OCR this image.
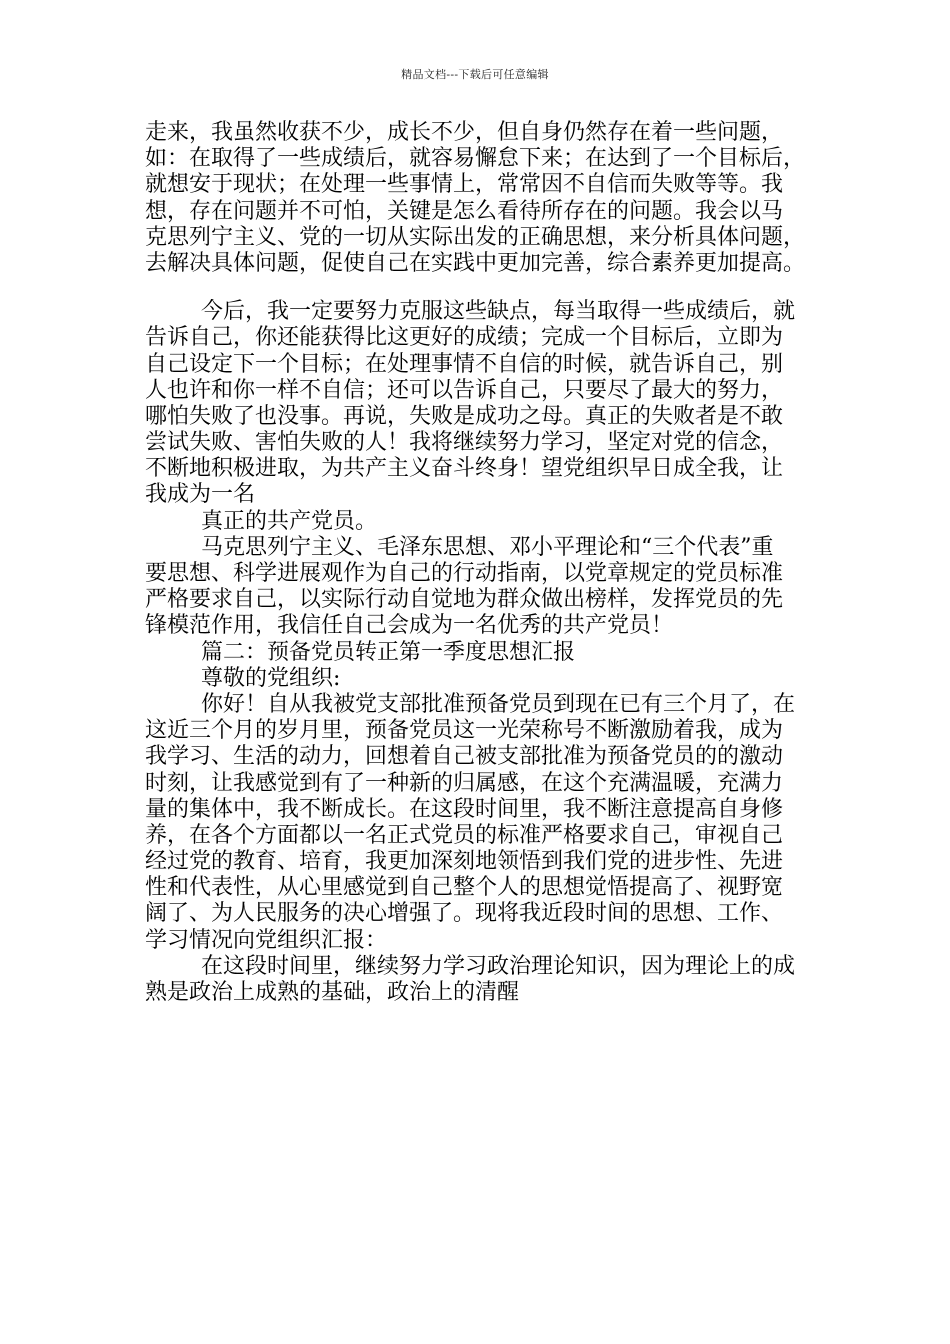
精品文档---下载后可任意编辑
走来，我虽然收获不少，成长不少，但自身仍然存在着一些问题，
如：在取得了一些成绩后，就容易懈怠下来；在达到了一个目标后，
就想安于现状；在处理一些事情上，常常因不自信而失败等等。我
想，存在问题并不可怕，关键是怎么看待所存在的问题。我会以马
克思列宁主义、党的一切从实际出发的正确思想，来分析具体问题，
去解决具体问题，促使自己在实践中更加完善，综合素养更加提高。
今后，我一定要努力克服这些缺点，每当取得一些成绩后，就
告诉自己，你还能获得比这更好的成绩；完成一个目标后，立即为
自己设定下一个目标；在处理事情不自信的时候，就告诉自己，别
人也许和你一样不自信；还可以告诉自己，只要尽了最大的努力，
哪怕失败了也没事。再说，失败是成功之母。真正的失败者是不敢
尝试失败、害怕失败的人！我将继续努力学习，坚定对党的信念，
不断地积极进取，为共产主义奋斗终身！望党组织早日成全我，让
我成为一名
真正的共产党员。
马克思列宁主义、毛泽东思想、邓小平理论和“三个代表”重
要思想、科学进展观作为自己的行动指南，以党章规定的党员标准
严格要求自己，以实际行动自觉地为群众做出榜样，发挥党员的先
锋模范作用，我信任自己会成为一名优秀的共产党员！
篇二：预备党员转正第一季度思想汇报
尊敬的党组织:
你好！自从我被党支部批准预备党员到现在已有三个月了，在
这近三个月的岁月里，预备党员这一光荣称号不断激励着我，成为
我学习、生活的动力，回想着自己被支部批准为预备党员的的激动
时刻，让我感觉到有了一种新的归属感，在这个充满温暖，充满力
量的集体中，我不断成长。在这段时间里，我不断注意提高自身修
养，在各个方面都以一名正式党员的标准严格要求自己，审视自己
经过党的教育、培育，我更加深刻地领悟到我们党的进步性、先进
性和代表性，从心里感觉到自己整个人的思想觉悟提高了、视野宽
阔了、为人民服务的决心增强了。现将我近段时间的思想、工作、
学习情况向党组织汇报：
在这段时间里，继续努力学习政治理论知识，因为理论上的成
熟是政治上成熟的基础，政治上的清醒
